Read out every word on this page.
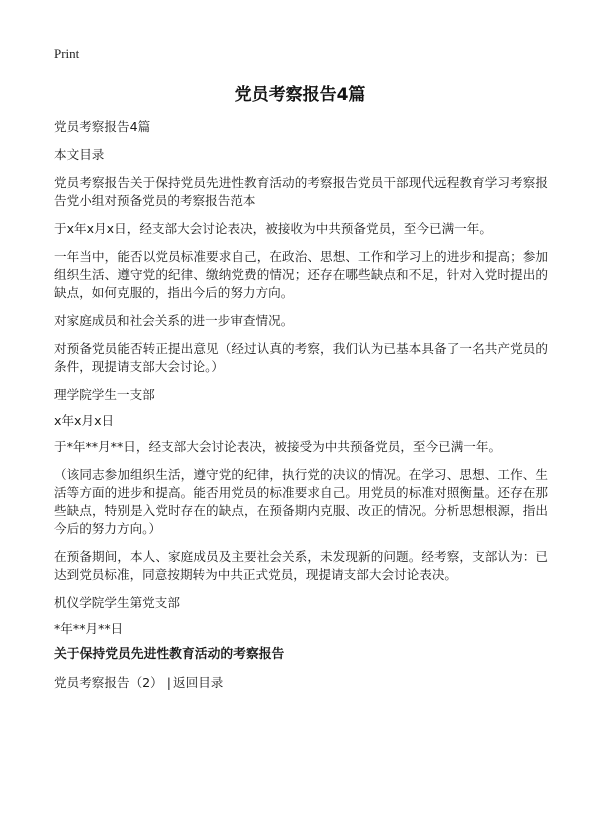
Print
党员考察报告4篇

党员考察报告4篇

本文目录

党员考察报告关于保持党员先进性教育活动的考察报告党员干部现代远程教育学习考察报告党小组对预备党员的考察报告范本

于x年x月x日，经支部大会讨论表决，被接收为中共预备党员，至今已满一年。

一年当中，能否以党员标准要求自己，在政治、思想、工作和学习上的进步和提高；参加组织生活、遵守党的纪律、缴纳党费的情况；还存在哪些缺点和不足，针对入党时提出的缺点，如何克服的，指出今后的努力方向。

对家庭成员和社会关系的进一步审查情况。

对预备党员能否转正提出意见（经过认真的考察，我们认为已基本具备了一名共产党员的条件，现提请支部大会讨论。）

理学院学生一支部

x年x月x日

于*年**月**日，经支部大会讨论表决，被接受为中共预备党员，至今已满一年。

（该同志参加组织生活，遵守党的纪律，执行党的决议的情况。在学习、思想、工作、生活等方面的进步和提高。能否用党员的标准要求自己。用党员的标准对照衡量。还存在那些缺点，特别是入党时存在的缺点，在预备期内克服、改正的情况。分析思想根源，指出今后的努力方向。）

在预备期间，本人、家庭成员及主要社会关系，未发现新的问题。经考察，支部认为：已达到党员标准，同意按期转为中共正式党员，现提请支部大会讨论表决。

机仪学院学生第党支部

*年**月**日

关于保持党员先进性教育活动的考察报告

党员考察报告（2） | 返回目录
